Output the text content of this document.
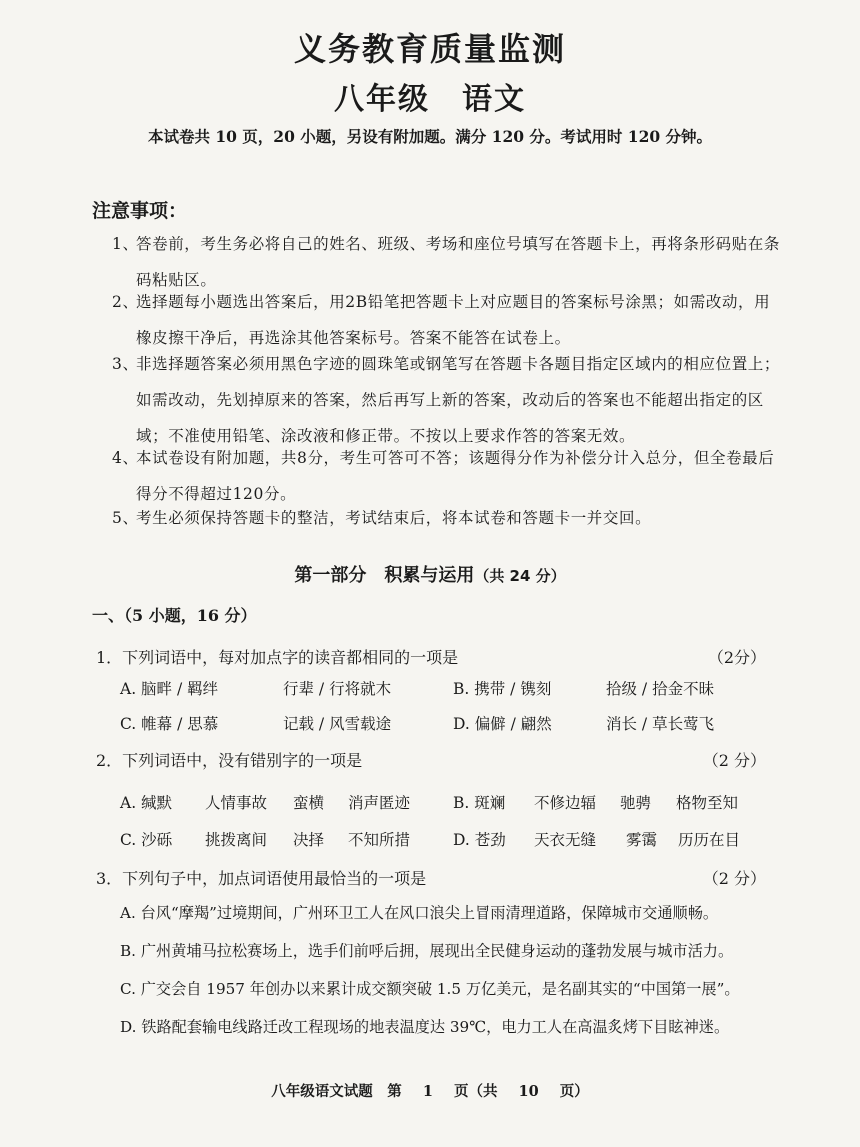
义务教育质量监测
八年级　语文
本试卷共 10 页，20 小题，另设有附加题。满分 120 分。考试用时 120 分钟。
注意事项：
1、答卷前，考生务必将自己的姓名、班级、考场和座位号填写在答题卡上，再将条形码贴在条码粘贴区。
2、选择题每小题选出答案后，用2B铅笔把答题卡上对应题目的答案标号涂黑；如需改动，用橡皮擦干净后，再选涂其他答案标号。答案不能答在试卷上。
3、非选择题答案必须用黑色字迹的圆珠笔或钢笔写在答题卡各题目指定区域内的相应位置上；如需改动，先划掉原来的答案，然后再写上新的答案，改动后的答案也不能超出指定的区域；不准使用铅笔、涂改液和修正带。不按以上要求作答的答案无效。
4、本试卷设有附加题，共8分，考生可答可不答；该题得分作为补偿分计入总分，但全卷最后得分不得超过120分。
5、考生必须保持答题卡的整洁，考试结束后，将本试卷和答题卡一并交回。
第一部分　积累与运用（共 24 分）
一、（5 小题，16 分）
1．下列词语中，每对加点字的读音都相同的一项是	（2分）
A. 脑畔 / 羁绊	行辈 / 行将就木	B. 携带 / 镌刻	拾级 / 拾金不昧
C. 帷幕 / 思慕	记载 / 风雪载途	D. 偏僻 / 翩然	消长 / 草长莺飞
2．下列词语中，没有错别字的一项是	（2 分）
A. 缄默 人情事故 蛮横 消声匿迹	B. 斑斓 不修边辐 驰骋 格物至知
C. 沙砾 挑拨离间 决择 不知所措	D. 苍劲 天衣无缝 雾霭 历历在目
3．下列句子中，加点词语使用最恰当的一项是	（2 分）
A. 台风“摩羯”过境期间，广州环卫工人在风口浪尖上冒雨清理道路，保障城市交通顺畅。
B. 广州黄埔马拉松赛场上，选手们前呼后拥，展现出全民健身运动的蓬勃发展与城市活力。
C. 广交会自 1957 年创办以来累计成交额突破 1.5 万亿美元，是名副其实的“中国第一展”。
D. 铁路配套输电线路迁改工程现场的地表温度达 39℃，电力工人在高温炙烤下目眩神迷。
八年级语文试题　第 1 页（共 10 页）
